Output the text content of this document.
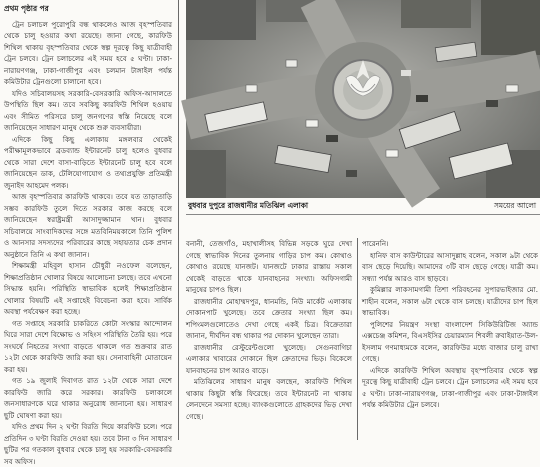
প্রথম পৃষ্ঠার পর

ট্রেন চলাচল পুরোপুরি বন্ধ থাকলেও আজ বৃহস্পতিবার থেকে চালু হওয়ার কথা রয়েছে। জানা গেছে, কারফিউ শিথিল থাকায় বৃহস্পতিবার থেকে স্বল্প দূরত্বে কিছু যাত্রীবাহী ট্রেন চলবে। ট্রেন চলাচলের এই সময় হবে ৫ ঘণ্টা। ঢাকা-নারায়ণগঞ্জ, ঢাকা-গাজীপুর এবং চলমান টাঙ্গাইল পর্যন্ত কমিউটার ট্রেনগুলো চালানো হবে।

যদিও সচিবালয়সহ সরকারি-বেসরকারি অফিস-আদালতে উপস্থিতি ছিল কম। তবে সবকিছু কারফিউ শিথিল হওয়ায় এবং সীমিত পরিসরে চালু জনগণের স্বস্তি নিয়েছে বলে জানিয়েছেন সাধারণ মানুষ থেকে শুরু ব্যবসায়ীরা।

এদিকে কিছু কিছু এলাকায় মঙ্গলবার থেকেই পরীক্ষামূলকভাবে ব্রডব্যান্ড ইন্টারনেট চালু হলেও বুধবার থেকে সারা দেশে বাসা-বাড়িতে ইন্টারনেট চালু হবে বলে জানিয়েছেন ডাক, টেলিযোগাযোগ ও তথ্যপ্রযুক্তি প্রতিমন্ত্রী জুনাইদ আহমেদ পলক।

আজ বৃহস্পতিবার কারফিউ থাকবে। তবে যত তাড়াতাড়ি সম্ভব কারফিউ তুলে দিতে সরকার কাজ করছে বলে জানিয়েছেন স্বরাষ্ট্রমন্ত্রী আসাদুজ্জামান খান। বুধবার সচিবালয়ে সাংবাদিকদের সঙ্গে মতবিনিময়কালে তিনি পুলিশ ও আনসার সদস্যদের পরিবারের কাছে সহায়তার চেক প্রদান অনুষ্ঠানে তিনি এ কথা জানান।

শিক্ষামন্ত্রী মহিবুল হাসান চৌধুরী নওফেল বলেছেন, শিক্ষাপ্রতিষ্ঠান খোলার বিষয়ে আলোচনা চলছে। তবে এখনো সিদ্ধান্ত হয়নি। পরিস্থিতি স্বাভাবিক হলেই শিক্ষাপ্রতিষ্ঠান খোলার বিষয়টি এই সপ্তাহেই বিবেচনা করা হবে। সার্বিক অবস্থা পর্যবেক্ষণ করা হচ্ছে।

গত সপ্তাহে সরকারি চাকরিতে কোটা সংস্কার আন্দোলন ঘিরে সারা দেশে বিক্ষোভ ও সহিংস পরিস্থিতি তৈরি হয়। পরে সংঘর্ষে নিহতের সংখ্যা বাড়তে থাকলে গত শুক্রবার রাত ১২টা থেকে কারফিউ জারি করা হয়। সেনাবাহিনী মোতায়েন করা হয়।

গত ১৯ জুলাই দিবাগত রাত ১২টা থেকে সারা দেশে কারফিউ জারি করে সরকার। কারফিউ চলাকালে জনসাধারণকে ঘরে থাকার অনুরোধ জানানো হয়। সাধারণ ছুটি ঘোষণা করা হয়।

যদিও প্রথম দিন ২ ঘণ্টা বিরতি দিয়ে কারফিউ চলে। পরে প্রতিদিন ৩ ঘণ্টা বিরতি দেওয়া হয়। তবে টানা ৩ দিন সাধারণ ছুটির পর গতকাল বুধবার থেকে চালু হয় সরকারি-বেসরকারি সব অফিস।

বুধবার দুপুরে রাজধানীর মতিঝিল এলাকা	সময়ের আলো

বনানী, তেজগাঁও, মহাখালীসহ বিভিন্ন সড়কে ঘুরে দেখা গেছে স্বাভাবিক দিনের তুলনায় গাড়ির চাপ কম। কোথাও কোথাও রয়েছে যানজট। যানজটে ঢাকার রাস্তায় সকাল থেকেই বাড়তে থাকে যানবাহনের সংখ্যা। অফিসগামী মানুষের চাপও ছিল।

রাজধানীর মোহাম্মদপুর, ধানমন্ডি, নিউ মার্কেট এলাকায় দোকানপাট খুলেছে। তবে ক্রেতার সংখ্যা ছিল কম। শপিংমলগুলোতেও দেখা গেছে একই চিত্র। বিক্রেতারা জানান, দীর্ঘদিন বন্ধ থাকার পর দোকান খুলেছেন তারা।

রাজধানীর রেস্টুরেন্টগুলো খুলেছে। সেগুনবাগিচা এলাকার খাবারের দোকানে ছিল ক্রেতাদের ভিড়। বিকেলে যানবাহনের চাপ আরও বাড়ে।

মতিঝিলের সাধারণ মানুষ বলছেন, কারফিউ শিথিল থাকায় কিছুটা স্বস্তি ফিরেছে। তবে ইন্টারনেট না থাকায় লেনদেনে সমস্যা হচ্ছে। ব্যাংকগুলোতে গ্রাহকদের ভিড় দেখা গেছে।

পারেননি।

হানিফ বাস কাউন্টারের আসাদুল্লাহ বলেন, সকাল ৯টা থেকে বাস ছেড়ে দিয়েছি। আমাদের ৩টি বাস ছেড়ে গেছে। যাত্রী কম। সন্ধ্যা পর্যন্ত আরও বাস ছাড়বে।

কুমিল্লার লাকসামগামী তিশা পরিবহনের সুপারভাইজার মো. শাহীন বলেন, সকাল ৬টা থেকে বাস চলছে। যাত্রীদের চাপ ছিল স্বাভাবিক।

পুলিশের নিয়ন্ত্রণ সংস্থা বাংলাদেশ সিকিউরিটিজ অ্যান্ড এক্সচেঞ্জ কমিশন, বিএসইসির চেয়ারম্যান শিবলী রুবাইয়াত-উল-ইসলাম গণমাধ্যমকে বলেন, কারফিউর মধ্যে বাজার চালু রাখা গেছে।

এদিকে কারফিউ শিথিল অবস্থায় বৃহস্পতিবার থেকে স্বল্প দূরত্বে কিছু যাত্রীবাহী ট্রেন চলবে। ট্রেন চলাচলের এই সময় হবে ৫ ঘণ্টা। ঢাকা-নারায়ণগঞ্জ, ঢাকা-গাজীপুর এবং ঢাকা-টাঙ্গাইল পর্যন্ত কমিউটার ট্রেন চলবে।
